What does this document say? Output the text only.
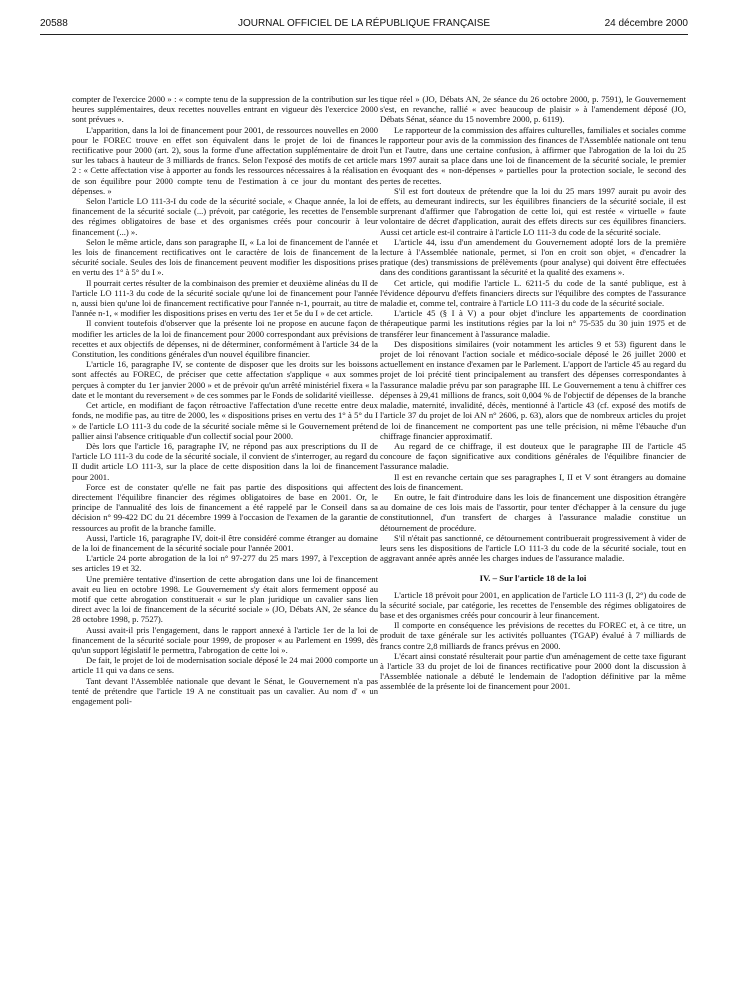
20588	JOURNAL OFFICIEL DE LA RÉPUBLIQUE FRANÇAISE	24 décembre 2000

compter de l'exercice 2000 » : « compte tenu de la suppression de la contribution sur les heures supplémentaires, deux recettes nouvelles entrant en vigueur dès l'exercice 2000 sont prévues ».

L'apparition, dans la loi de financement pour 2001, de ressources nouvelles en 2000 pour le FOREC trouve en effet son équivalent dans le projet de loi de finances rectificative pour 2000 (art. 2), sous la forme d'une affectation supplémentaire de droit sur les tabacs à hauteur de 3 milliards de francs. Selon l'exposé des motifs de cet article 2 : « Cette affectation vise à apporter au fonds les ressources nécessaires à la réalisation de son équilibre pour 2000 compte tenu de l'estimation à ce jour du montant des dépenses. »

Selon l'article LO 111-3-I du code de la sécurité sociale, « Chaque année, la loi de financement de la sécurité sociale (...) prévoit, par catégorie, les recettes de l'ensemble des régimes obligatoires de base et des organismes créés pour concourir à leur financement (...) ».

Selon le même article, dans son paragraphe II, « La loi de financement de l'année et les lois de financement rectificatives ont le caractère de lois de financement de la sécurité sociale. Seules des lois de financement peuvent modifier les dispositions prises en vertu des 1° à 5° du I ».

Il pourrait certes résulter de la combinaison des premier et deuxième alinéas du II de l'article LO 111-3 du code de la sécurité sociale qu'une loi de financement pour l'année n, aussi bien qu'une loi de financement rectificative pour l'année n-1, pourrait, au titre de l'année n-1, « modifier les dispositions prises en vertu des 1er et 5e du I » de cet article.

Il convient toutefois d'observer que la présente loi ne propose en aucune façon de modifier les articles de la loi de financement pour 2000 correspondant aux prévisions de recettes et aux objectifs de dépenses, ni de déterminer, conformément à l'article 34 de la Constitution, les conditions générales d'un nouvel équilibre financier.

L'article 16, paragraphe IV, se contente de disposer que les droits sur les boissons sont affectés au FOREC, de préciser que cette affectation s'applique « aux sommes perçues à compter du 1er janvier 2000 » et de prévoir qu'un arrêté ministériel fixera « la date et le montant du reversement » de ces sommes par le Fonds de solidarité vieillesse.

Cet article, en modifiant de façon rétroactive l'affectation d'une recette entre deux fonds, ne modifie pas, au titre de 2000, les « dispositions prises en vertu des 1° à 5° du I » de l'article LO 111-3 du code de la sécurité sociale même si le Gouvernement prétend pallier ainsi l'absence critiquable d'un collectif social pour 2000.

Dès lors que l'article 16, paragraphe IV, ne répond pas aux prescriptions du II de l'article LO 111-3 du code de la sécurité sociale, il convient de s'interroger, au regard du II dudit article LO 111-3, sur la place de cette disposition dans la loi de financement pour 2001.

Force est de constater qu'elle ne fait pas partie des dispositions qui affectent directement l'équilibre financier des régimes obligatoires de base en 2001. Or, le principe de l'annualité des lois de financement a été rappelé par le Conseil dans sa décision n° 99-422 DC du 21 décembre 1999 à l'occasion de l'examen de la garantie de ressources au profit de la branche famille.

Aussi, l'article 16, paragraphe IV, doit-il être considéré comme étranger au domaine de la loi de financement de la sécurité sociale pour l'année 2001.

L'article 24 porte abrogation de la loi n° 97-277 du 25 mars 1997, à l'exception de ses articles 19 et 32.

Une première tentative d'insertion de cette abrogation dans une loi de financement avait eu lieu en octobre 1998. Le Gouvernement s'y était alors fermement opposé au motif que cette abrogation constituerait « sur le plan juridique un cavalier sans lien direct avec la loi de financement de la sécurité sociale » (JO, Débats AN, 2e séance du 28 octobre 1998, p. 7527).

Aussi avait-il pris l'engagement, dans le rapport annexé à l'article 1er de la loi de financement de la sécurité sociale pour 1999, de proposer « au Parlement en 1999, dès qu'un support législatif le permettra, l'abrogation de cette loi ».

De fait, le projet de loi de modernisation sociale déposé le 24 mai 2000 comporte un article 11 qui va dans ce sens.

Tant devant l'Assemblée nationale que devant le Sénat, le Gouvernement n'a pas tenté de prétendre que l'article 19 A ne constituait pas un cavalier. Au nom d' « un engagement poli-

tique réel » (JO, Débats AN, 2e séance du 26 octobre 2000, p. 7591), le Gouvernement s'est, en revanche, rallié « avec beaucoup de plaisir » à l'amendement déposé (JO, Débats Sénat, séance du 15 novembre 2000, p. 6119).

Le rapporteur de la commission des affaires culturelles, familiales et sociales comme le rapporteur pour avis de la commission des finances de l'Assemblée nationale ont tenu l'un et l'autre, dans une certaine confusion, à affirmer que l'abrogation de la loi du 25 mars 1997 aurait sa place dans une loi de financement de la sécurité sociale, le premier en évoquant des « non-dépenses » partielles pour la protection sociale, le second des pertes de recettes.

S'il est fort douteux de prétendre que la loi du 25 mars 1997 aurait pu avoir des effets, au demeurant indirects, sur les équilibres financiers de la sécurité sociale, il est surprenant d'affirmer que l'abrogation de cette loi, qui est restée « virtuelle » faute volontaire de décret d'application, aurait des effets directs sur ces équilibres financiers. Aussi cet article est-il contraire à l'article LO 111-3 du code de la sécurité sociale.

L'article 44, issu d'un amendement du Gouvernement adopté lors de la première lecture à l'Assemblée nationale, permet, si l'on en croit son objet, « d'encadrer la pratique (des) transmissions de prélèvements (pour analyse) qui doivent être effectuées dans des conditions garantissant la sécurité et la qualité des examens ».

Cet article, qui modifie l'article L. 6211-5 du code de la santé publique, est à l'évidence dépourvu d'effets financiers directs sur l'équilibre des comptes de l'assurance maladie et, comme tel, contraire à l'article LO 111-3 du code de la sécurité sociale.

L'article 45 (§ I à V) a pour objet d'inclure les appartements de coordination thérapeutique parmi les institutions régies par la loi n° 75-535 du 30 juin 1975 et de transférer leur financement à l'assurance maladie.

Des dispositions similaires (voir notamment les articles 9 et 53) figurent dans le projet de loi rénovant l'action sociale et médico-sociale déposé le 26 juillet 2000 et actuellement en instance d'examen par le Parlement. L'apport de l'article 45 au regard du projet de loi précité tient principalement au transfert des dépenses correspondantes à l'assurance maladie prévu par son paragraphe III. Le Gouvernement a tenu à chiffrer ces dépenses à 29,41 millions de francs, soit 0,004 % de l'objectif de dépenses de la branche maladie, maternité, invalidité, décès, mentionné à l'article 43 (cf. exposé des motifs de l'article 37 du projet de loi AN n° 2606, p. 63), alors que de nombreux articles du projet de loi de financement ne comportent pas une telle précision, ni même l'ébauche d'un chiffrage financier approximatif.

Au regard de ce chiffrage, il est douteux que le paragraphe III de l'article 45 concoure de façon significative aux conditions générales de l'équilibre financier de l'assurance maladie.

Il est en revanche certain que ses paragraphes I, II et V sont étrangers au domaine des lois de financement.

En outre, le fait d'introduire dans les lois de financement une disposition étrangère au domaine de ces lois mais de l'assortir, pour tenter d'échapper à la censure du juge constitutionnel, d'un transfert de charges à l'assurance maladie constitue un détournement de procédure.

S'il n'était pas sanctionné, ce détournement contribuerait progressivement à vider de leurs sens les dispositions de l'article LO 111-3 du code de la sécurité sociale, tout en aggravant année après année les charges indues de l'assurance maladie.

IV. – Sur l'article 18 de la loi

L'article 18 prévoit pour 2001, en application de l'article LO 111-3 (I, 2°) du code de la sécurité sociale, par catégorie, les recettes de l'ensemble des régimes obligatoires de base et des organismes créés pour concourir à leur financement.

Il comporte en conséquence les prévisions de recettes du FOREC et, à ce titre, un produit de taxe générale sur les activités polluantes (TGAP) évalué à 7 milliards de francs contre 2,8 milliards de francs prévus en 2000.

L'écart ainsi constaté résulterait pour partie d'un aménagement de cette taxe figurant à l'article 33 du projet de loi de finances rectificative pour 2000 dont la discussion à l'Assemblée nationale a débuté le lendemain de l'adoption définitive par la même assemblée de la présente loi de financement pour 2001.
